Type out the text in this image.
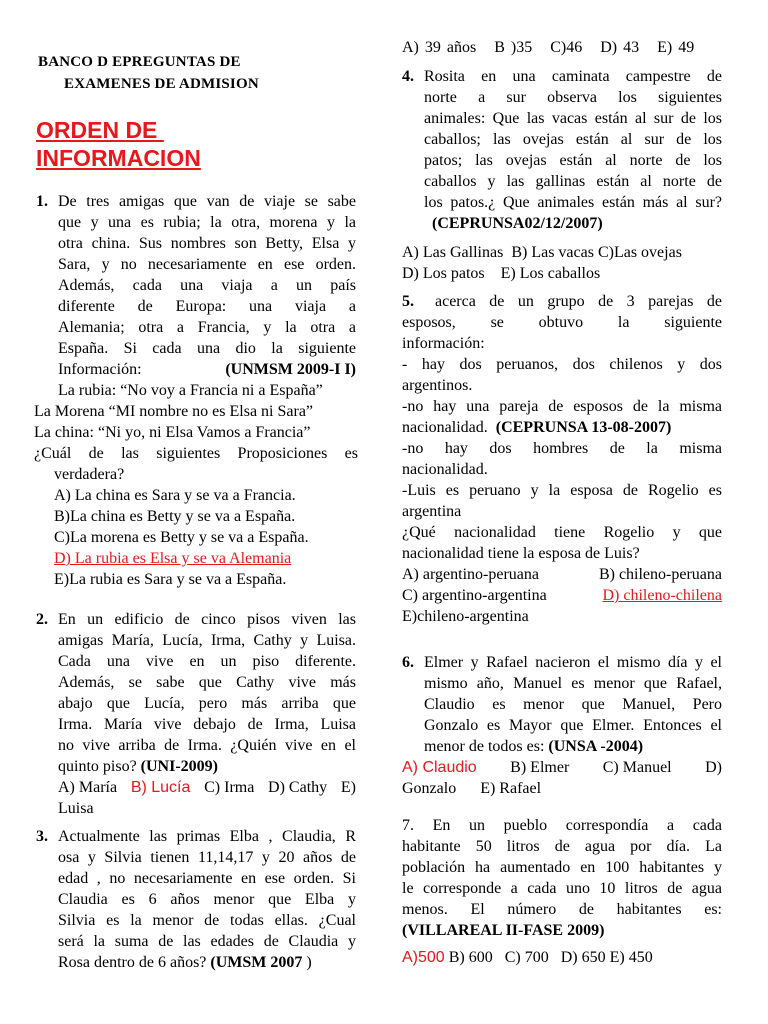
BANCO D EPREGUNTAS DE
EXAMENES DE ADMISION
ORDEN DE
INFORMACION
1. De tres amigas que van de viaje se sabe
que y una es rubia; la otra, morena y la
otra china. Sus nombres son Betty, Elsa y
Sara, y no necesariamente en ese orden.
Además, cada una viaja a un país
diferente de Europa: una viaja a
Alemania; otra a Francia, y la otra a
España. Si cada una dio la siguiente
Información:	(UNMSM 2009-I I)
La rubia: “No voy a Francia ni a España”
La Morena “MI nombre no es Elsa ni Sara”
La china: “Ni yo, ni Elsa Vamos a Francia”
¿Cuál de las siguientes Proposiciones es
verdadera?
A) La china es Sara y se va a Francia.
B)La china es Betty y se va a España.
C)La morena es Betty y se va a España.
D) La rubia es Elsa y se va Alemania
E)La rubia es Sara y se va a España.
2. En un edificio de cinco pisos viven las
amigas María, Lucía, Irma, Cathy y Luisa.
Cada una vive en un piso diferente.
Además, se sabe que Cathy vive más
abajo que Lucía, pero más arriba que
Irma. María vive debajo de Irma, Luisa
no vive arriba de Irma. ¿Quién vive en el
quinto piso? (UNI-2009)
A) María B) Lucía C) Irma D) Cathy E)
Luisa
3. Actualmente las primas Elba , Claudia, R
osa y Silvia tienen 11,14,17 y 20 años de
edad , no necesariamente en ese orden. Si
Claudia es 6 años menor que Elba y
Silvia es la menor de todas ellas. ¿Cual
será la suma de las edades de Claudia y
Rosa dentro de 6 años? (UMSM 2007 )
A) 39 años B )35 C)46 D) 43 E) 49
4. Rosita en una caminata campestre de
norte a sur observa los siguientes
animales: Que las vacas están al sur de los
caballos; las ovejas están al sur de los
patos; las ovejas están al norte de los
caballos y las gallinas están al norte de
los patos.¿ Que animales están más al sur?
(CEPRUNSA02/12/2007)
A) Las Gallinas B) Las vacas C)Las ovejas
D) Los patos E) Los caballos
5. acerca de un grupo de 3 parejas de
esposos, se obtuvo la siguiente
información:
- hay dos peruanos, dos chilenos y dos
argentinos.
-no hay una pareja de esposos de la misma
nacionalidad. (CEPRUNSA 13-08-2007)
-no hay dos hombres de la misma
nacionalidad.
-Luis es peruano y la esposa de Rogelio es
argentina
¿Qué nacionalidad tiene Rogelio y que
nacionalidad tiene la esposa de Luis?
A) argentino-peruana	B) chileno-peruana
C) argentino-argentina	D) chileno-chilena
E)chileno-argentina
6. Elmer y Rafael nacieron el mismo día y el
mismo año, Manuel es menor que Rafael,
Claudio es menor que Manuel, Pero
Gonzalo es Mayor que Elmer. Entonces el
menor de todos es: (UNSA -2004)
A) Claudio B) Elmer C) Manuel D)
Gonzalo E) Rafael
7. En un pueblo correspondía a cada
habitante 50 litros de agua por día. La
población ha aumentado en 100 habitantes y
le corresponde a cada uno 10 litros de agua
menos. El número de habitantes es:
(VILLAREAL II-FASE 2009)
A)500 B) 600   C) 700   D) 650 E) 450
